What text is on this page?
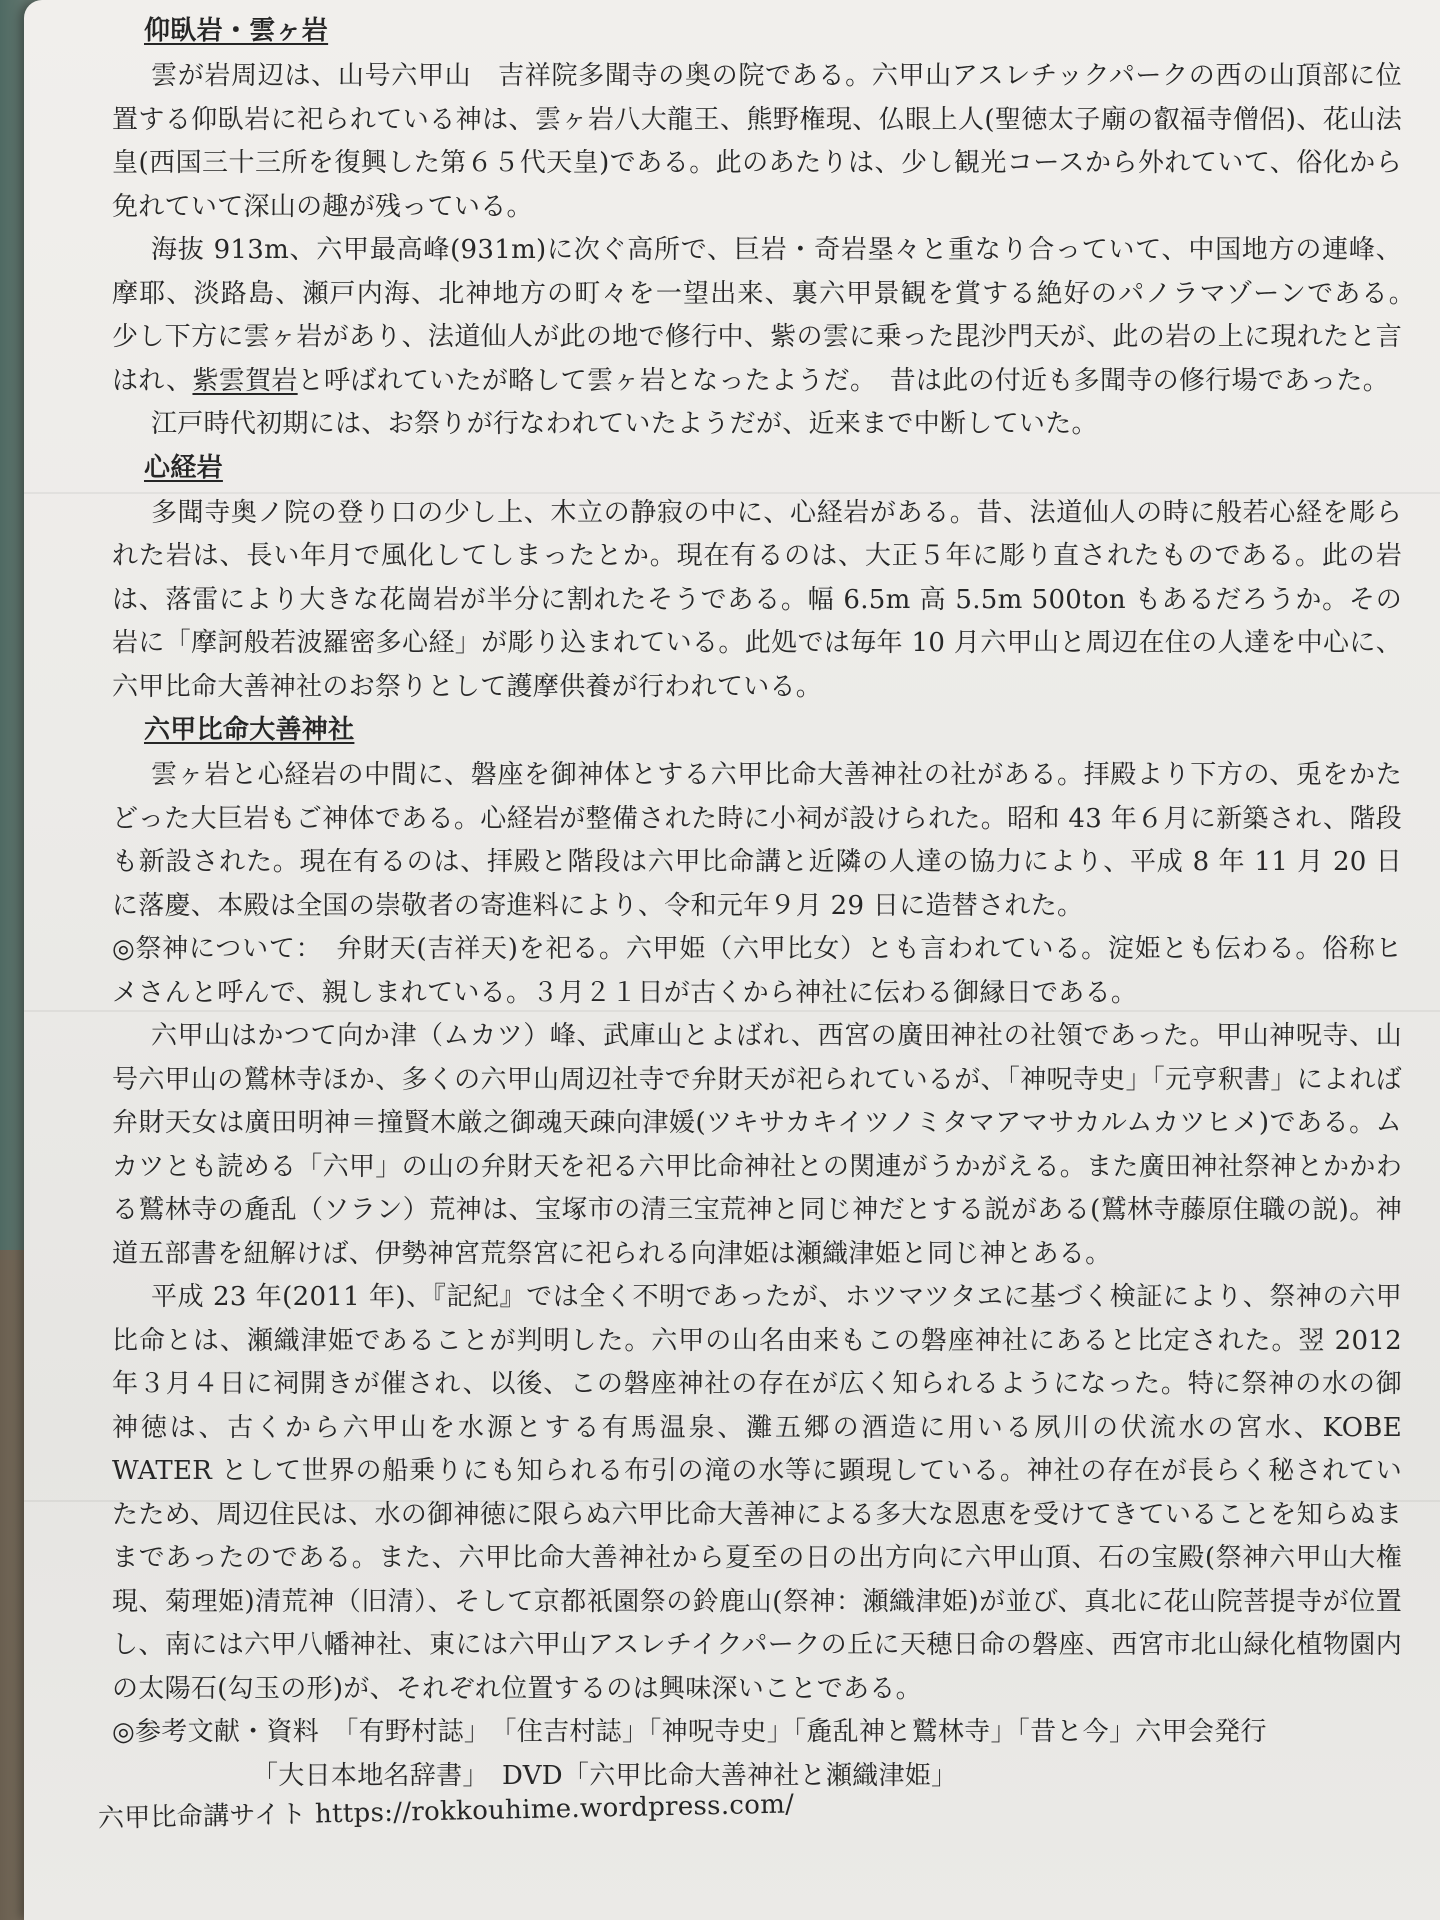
仰臥岩・雲ヶ岩

雲が岩周辺は、山号六甲山　吉祥院多聞寺の奥の院である。六甲山アスレチックパークの西の山頂部に位置する仰臥岩に祀られている神は、雲ヶ岩八大龍王、熊野権現、仏眼上人(聖徳太子廟の叡福寺僧侶)、花山法皇(西国三十三所を復興した第６５代天皇)である。此のあたりは、少し観光コースから外れていて、俗化から免れていて深山の趣が残っている。

海抜 913m、六甲最高峰(931m)に次ぐ高所で、巨岩・奇岩塁々と重なり合っていて、中国地方の連峰、摩耶、淡路島、瀬戸内海、北神地方の町々を一望出来、裏六甲景観を賞する絶好のパノラマゾーンである。　少し下方に雲ヶ岩があり、法道仙人が此の地で修行中、紫の雲に乗った毘沙門天が、此の岩の上に現れたと言はれ、紫雲賀岩と呼ばれていたが略して雲ヶ岩となったようだ。　昔は此の付近も多聞寺の修行場であった。

江戸時代初期には、お祭りが行なわれていたようだが、近来まで中断していた。

心経岩

多聞寺奥ノ院の登り口の少し上、木立の静寂の中に、心経岩がある。昔、法道仙人の時に般若心経を彫られた岩は、長い年月で風化してしまったとか。現在有るのは、大正５年に彫り直されたものである。此の岩は、落雷により大きな花崗岩が半分に割れたそうである。幅 6.5m 高 5.5m 500ton もあるだろうか。その岩に「摩訶般若波羅密多心経」が彫り込まれている。此処では毎年 10 月六甲山と周辺在住の人達を中心に、六甲比命大善神社のお祭りとして護摩供養が行われている。

六甲比命大善神社

雲ヶ岩と心経岩の中間に、磐座を御神体とする六甲比命大善神社の社がある。拝殿より下方の、兎をかたどった大巨岩もご神体である。心経岩が整備された時に小祠が設けられた。昭和 43 年６月に新築され、階段も新設された。現在有るのは、拝殿と階段は六甲比命講と近隣の人達の協力により、平成 8 年 11 月 20 日に落慶、本殿は全国の崇敬者の寄進料により、令和元年９月 29 日に造替された。

◎祭神について：　弁財天(吉祥天)を祀る。六甲姫（六甲比女）とも言われている。淀姫とも伝わる。俗称ヒメさんと呼んで、親しまれている。３月２１日が古くから神社に伝わる御縁日である。

六甲山はかつて向か津（ムカツ）峰、武庫山とよばれ、西宮の廣田神社の社領であった。甲山神呪寺、山号六甲山の鷲林寺ほか、多くの六甲山周辺社寺で弁財天が祀られているが、「神呪寺史」「元亨釈書」によれば弁財天女は廣田明神＝撞賢木厳之御魂天疎向津媛(ツキサカキイツノミタマアマサカルムカツヒメ)である。ムカツとも読める「六甲」の山の弁財天を祀る六甲比命神社との関連がうかがえる。また廣田神社祭神とかかわる鷲林寺の麁乱（ソラン）荒神は、宝塚市の清三宝荒神と同じ神だとする説がある(鷲林寺藤原住職の説)。神道五部書を紐解けば、伊勢神宮荒祭宮に祀られる向津姫は瀬織津姫と同じ神とある。

平成 23 年(2011 年)、『記紀』では全く不明であったが、ホツマツタヱに基づく検証により、祭神の六甲比命とは、瀬織津姫であることが判明した。六甲の山名由来もこの磐座神社にあると比定された。翌 2012 年３月４日に祠開きが催され、以後、この磐座神社の存在が広く知られるようになった。特に祭神の水の御神徳は、古くから六甲山を水源とする有馬温泉、灘五郷の酒造に用いる夙川の伏流水の宮水、KOBE WATER として世界の船乗りにも知られる布引の滝の水等に顕現している。神社の存在が長らく秘されていたため、周辺住民は、水の御神徳に限らぬ六甲比命大善神による多大な恩恵を受けてきていることを知らぬままであったのである。また、六甲比命大善神社から夏至の日の出方向に六甲山頂、石の宝殿(祭神六甲山大権現、菊理姫)清荒神（旧清）、そして京都祇園祭の鈴鹿山(祭神：瀬織津姫)が並び、真北に花山院菩提寺が位置し、南には六甲八幡神社、東には六甲山アスレチイクパークの丘に天穂日命の磐座、西宮市北山緑化植物園内の太陽石(勾玉の形)が、それぞれ位置するのは興味深いことである。

◎参考文献・資料　「有野村誌」　「住吉村誌」「神呪寺史」「麁乱神と鷲林寺」「昔と今」六甲会発行
「大日本地名辞書」　DVD「六甲比命大善神社と瀬織津姫」
六甲比命講サイト https://rokkouhime.wordpress.com/
